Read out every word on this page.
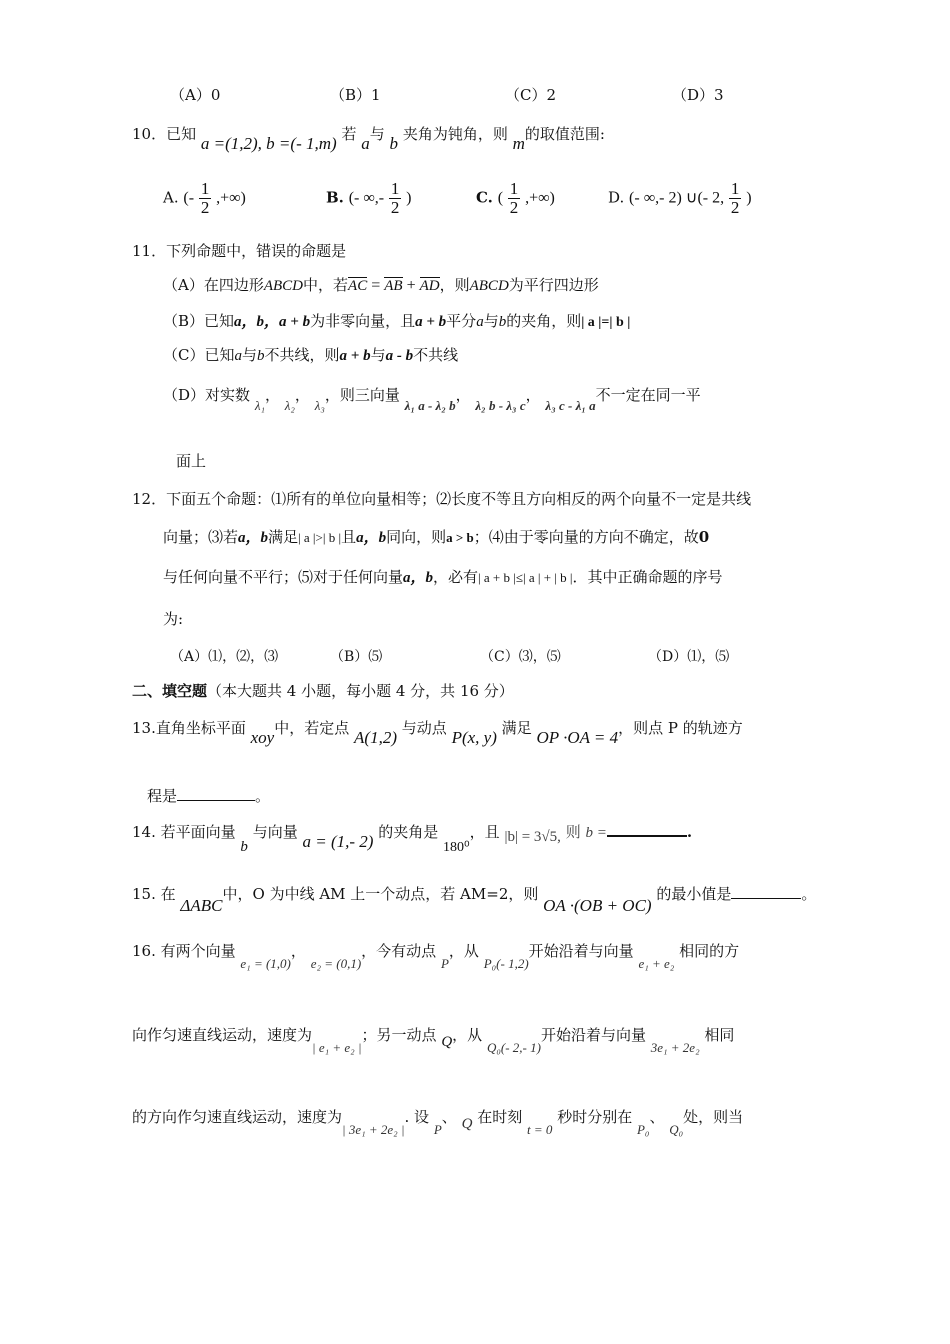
（A）0	（B）1	（C）2	（D）3
10．已知 a =(1,2), b =(- 1,m) 若 a与 b 夹角为钝角，则 m的取值范围:
A. (- $\frac{1}{2}$ ,+∞)	B. (- ∞,- $\frac{1}{2}$ )	C. ( $\frac{1}{2}$ ,+∞)	D. (- ∞,- 2) ∪(- 2, $\frac{1}{2}$ )
11．下列命题中，错误的命题是
（A）在四边形ABCD中，若AC = AB + AD，则ABCD为平行四边形
（B）已知a，b，a + b为非零向量，且a + b平分a与b的夹角，则| a |=| b |
（C）已知a与b不共线，则a + b与a - b不共线
（D）对实数 λ₁， λ₂， λ₃，则三向量 λ₁ a - λ₂ b， λ₂ b - λ₃ c， λ₃ c - λ₁ a不一定在同一平
面上
12．下面五个命题：⑴所有的单位向量相等；⑵长度不等且方向相反的两个向量不一定是共线
向量；⑶若a，b满足| a |>| b |且a，b同向，则a > b；⑷由于零向量的方向不确定，故0
与任何向量不平行；⑸对于任何向量a，b，必有| a + b |≤| a | + | b |．其中正确命题的序号
为:
（A）⑴，⑵，⑶	（B）⑸	（C）⑶，⑸	（D）⑴，⑸
二、填空题（本大题共 4 小题，每小题 4 分，共 16 分）
13.直角坐标平面 xoy中，若定点 A(1,2) 与动点 P(x, y) 满足 OP ·OA = 4，则点 P 的轨迹方
程是	。
14. 若平面向量 b 与向量 a = (1,- 2) 的夹角是 180⁰，且 |b| = 3√5, 则 b =	.
15. 在 ΔABC中，O 为中线 AM 上一个动点，若 AM=2，则 OA ·(OB + OC) 的最小值是	。
16. 有两个向量 e₁ = (1,0)， e₂ = (0,1)，今有动点 P，从 P₀(- 1,2)开始沿着与向量 e₁ + e₂ 相同的方
向作匀速直线运动，速度为| e₁ + e₂ |；另一动点 Q，从 Q₀(- 2,- 1)开始沿着与向量 3e₁ + 2e₂ 相同
的方向作匀速直线运动，速度为| 3e₁ + 2e₂ |. 设 P、 Q 在时刻 t = 0 秒时分别在 P₀、 Q₀处，则当
